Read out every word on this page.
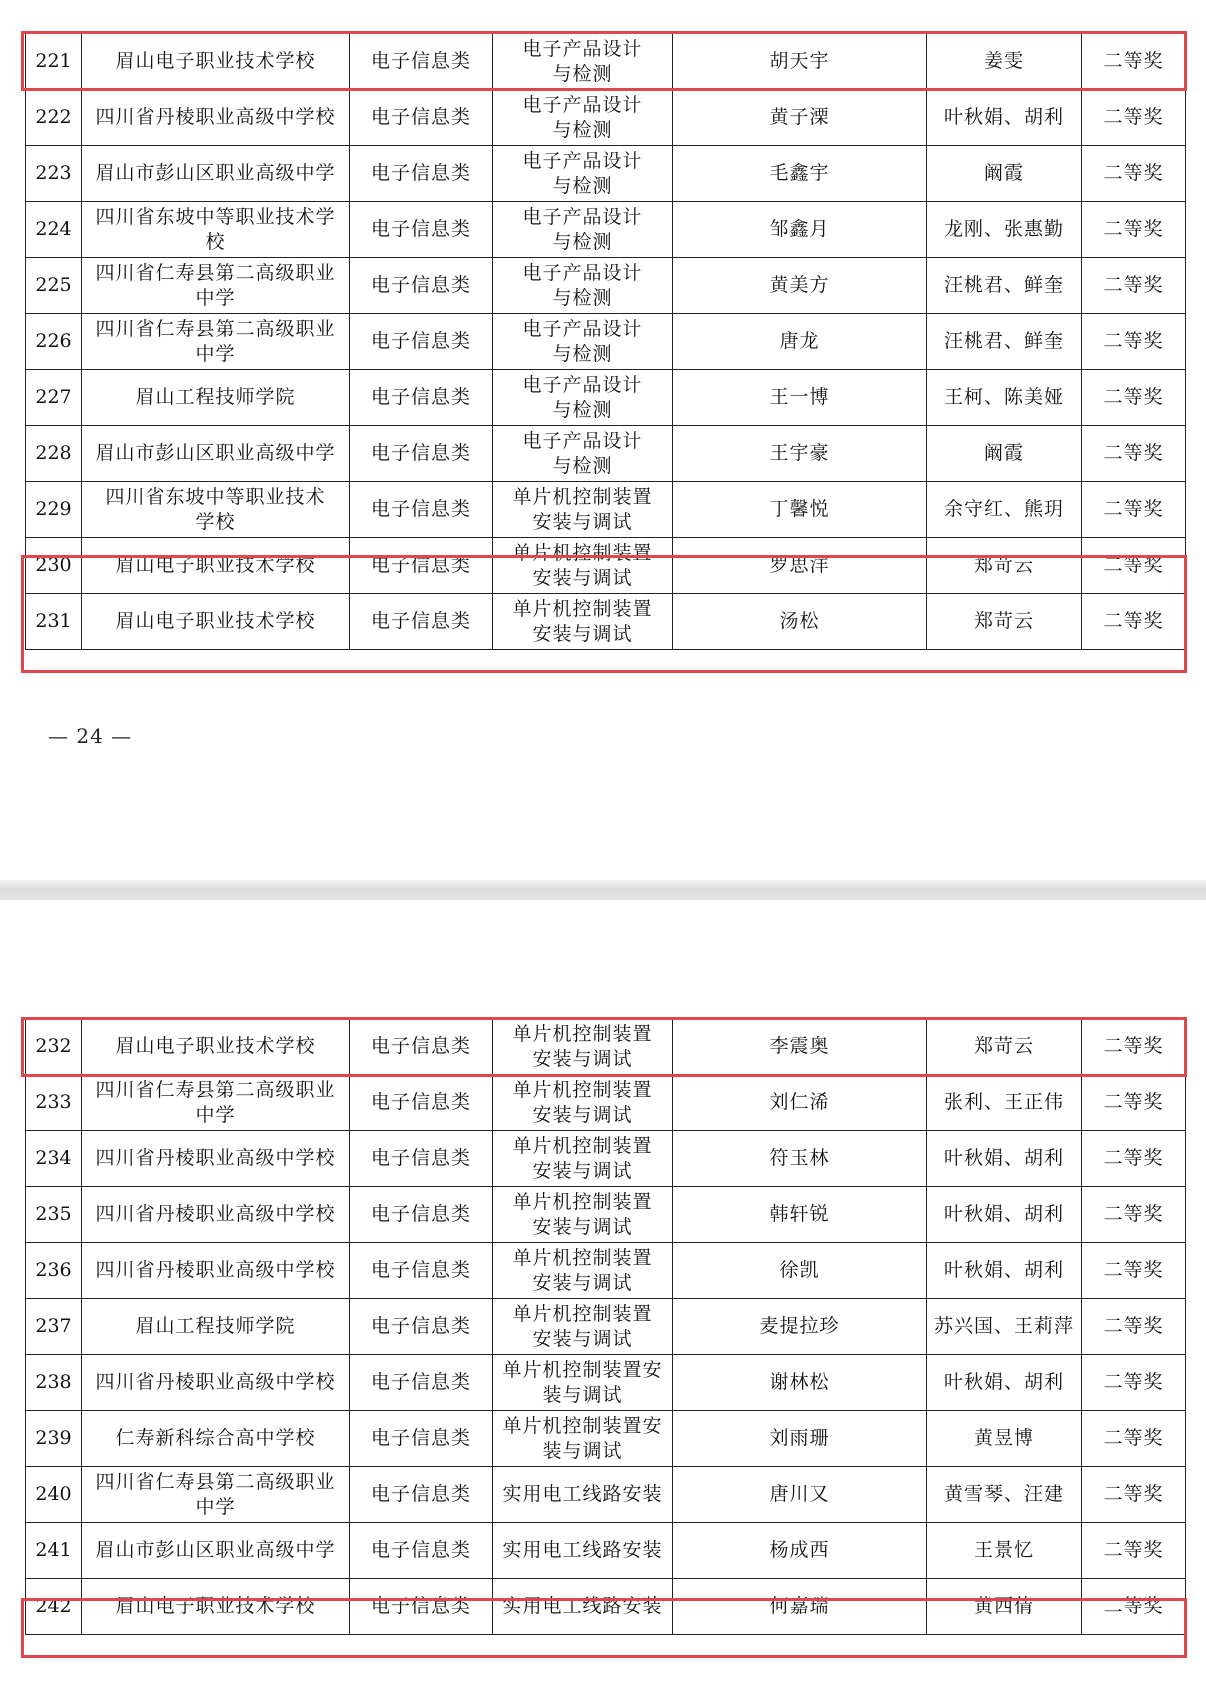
221	眉山电子职业技术学校	电子信息类	电子产品设计
与检测	胡天宇	姜雯	二等奖
222	四川省丹棱职业高级中学校	电子信息类	电子产品设计
与检测	黄子溧	叶秋娟、胡利	二等奖
223	眉山市彭山区职业高级中学	电子信息类	电子产品设计
与检测	毛鑫宇	阚霞	二等奖
224	四川省东坡中等职业技术学
校	电子信息类	电子产品设计
与检测	邹鑫月	龙刚、张惠勤	二等奖
225	四川省仁寿县第二高级职业
中学	电子信息类	电子产品设计
与检测	黄美方	汪桃君、鲜奎	二等奖
226	四川省仁寿县第二高级职业
中学	电子信息类	电子产品设计
与检测	唐龙	汪桃君、鲜奎	二等奖
227	眉山工程技师学院	电子信息类	电子产品设计
与检测	王一博	王柯、陈美娅	二等奖
228	眉山市彭山区职业高级中学	电子信息类	电子产品设计
与检测	王宇豪	阚霞	二等奖
229	四川省东坡中等职业技术
学校	电子信息类	单片机控制装置
安装与调试	丁馨悦	余守红、熊玥	二等奖
230	眉山电子职业技术学校	电子信息类	单片机控制装置
安装与调试	罗思洋	郑苛云	二等奖
231	眉山电子职业技术学校	电子信息类	单片机控制装置
安装与调试	汤松	郑苛云	二等奖
— 24 —
232	眉山电子职业技术学校	电子信息类	单片机控制装置
安装与调试	李震奥	郑苛云	二等奖
233	四川省仁寿县第二高级职业
中学	电子信息类	单片机控制装置
安装与调试	刘仁浠	张利、王正伟	二等奖
234	四川省丹棱职业高级中学校	电子信息类	单片机控制装置
安装与调试	符玉林	叶秋娟、胡利	二等奖
235	四川省丹棱职业高级中学校	电子信息类	单片机控制装置
安装与调试	韩轩锐	叶秋娟、胡利	二等奖
236	四川省丹棱职业高级中学校	电子信息类	单片机控制装置
安装与调试	徐凯	叶秋娟、胡利	二等奖
237	眉山工程技师学院	电子信息类	单片机控制装置
安装与调试	麦提拉珍	苏兴国、王莉萍	二等奖
238	四川省丹棱职业高级中学校	电子信息类	单片机控制装置安
装与调试	谢林松	叶秋娟、胡利	二等奖
239	仁寿新科综合高中学校	电子信息类	单片机控制装置安
装与调试	刘雨珊	黄昱博	二等奖
240	四川省仁寿县第二高级职业
中学	电子信息类	实用电工线路安装	唐川又	黄雪琴、汪建	二等奖
241	眉山市彭山区职业高级中学	电子信息类	实用电工线路安装	杨成西	王景忆	二等奖
242	眉山电子职业技术学校	电子信息类	实用电工线路安装	何嘉瑞	黄西倩	二等奖
